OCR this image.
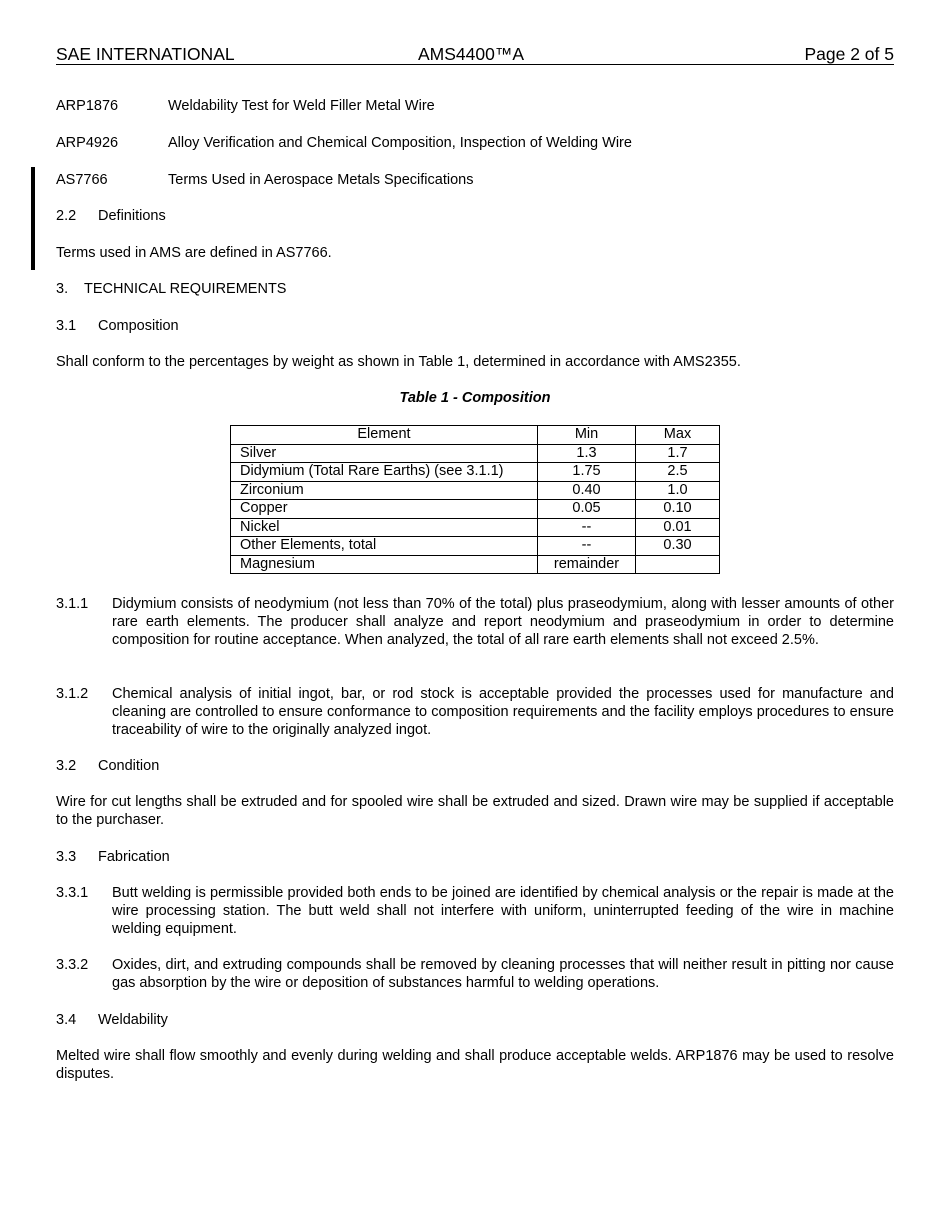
SAE INTERNATIONAL	AMS4400™A	Page 2 of 5
ARP1876	Weldability Test for Weld Filler Metal Wire
ARP4926	Alloy Verification and Chemical Composition, Inspection of Welding Wire
AS7766	Terms Used in Aerospace Metals Specifications
2.2 Definitions
Terms used in AMS are defined in AS7766.
3. TECHNICAL REQUIREMENTS
3.1 Composition
Shall conform to the percentages by weight as shown in Table 1, determined in accordance with AMS2355.
Table 1 - Composition
Element	Min	Max
Silver	1.3	1.7
Didymium (Total Rare Earths) (see 3.1.1)	1.75	2.5
Zirconium	0.40	1.0
Copper	0.05	0.10
Nickel	--	0.01
Other Elements, total	--	0.30
Magnesium	remainder	
3.1.1 Didymium consists of neodymium (not less than 70% of the total) plus praseodymium, along with lesser amounts of other rare earth elements. The producer shall analyze and report neodymium and praseodymium in order to determine composition for routine acceptance. When analyzed, the total of all rare earth elements shall not exceed 2.5%.
3.1.2 Chemical analysis of initial ingot, bar, or rod stock is acceptable provided the processes used for manufacture and cleaning are controlled to ensure conformance to composition requirements and the facility employs procedures to ensure traceability of wire to the originally analyzed ingot.
3.2 Condition
Wire for cut lengths shall be extruded and for spooled wire shall be extruded and sized. Drawn wire may be supplied if acceptable to the purchaser.
3.3 Fabrication
3.3.1 Butt welding is permissible provided both ends to be joined are identified by chemical analysis or the repair is made at the wire processing station. The butt weld shall not interfere with uniform, uninterrupted feeding of the wire in machine welding equipment.
3.3.2 Oxides, dirt, and extruding compounds shall be removed by cleaning processes that will neither result in pitting nor cause gas absorption by the wire or deposition of substances harmful to welding operations.
3.4 Weldability
Melted wire shall flow smoothly and evenly during welding and shall produce acceptable welds. ARP1876 may be used to resolve disputes.
